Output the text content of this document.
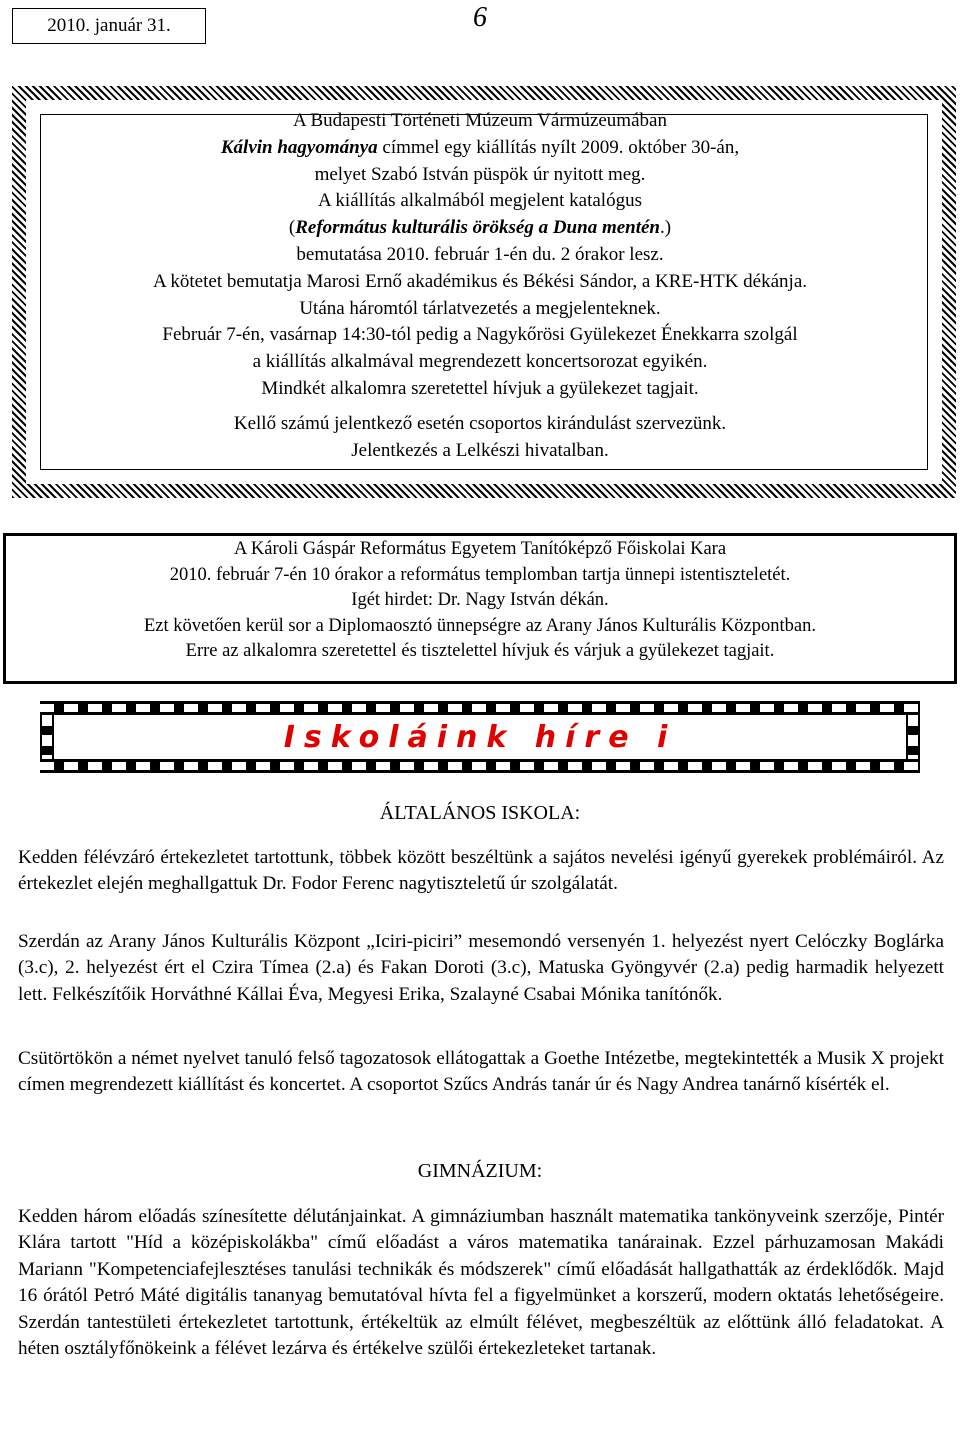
2010. január 31.	6
A Budapesti Történeti Múzeum Vármúzeumában
Kálvin hagyománya címmel egy kiállítás nyílt 2009. október 30-án,
melyet Szabó István püspök úr nyitott meg.
A kiállítás alkalmából megjelent katalógus
(Református kulturális örökség a Duna mentén.)
bemutatása 2010. február 1-én du. 2 órakor lesz.
A kötetet bemutatja Marosi Ernő akadémikus és Békési Sándor, a KRE-HTK dékánja.
Utána háromtól tárlatvezetés a megjelenteknek.
Február 7-én, vasárnap 14:30-tól pedig a Nagykőrösi Gyülekezet Énekkarra szolgál
a kiállítás alkalmával megrendezett koncertsorozat egyikén.
Mindkét alkalomra szeretettel hívjuk a gyülekezet tagjait.
Kellő számú jelentkező esetén csoportos kirándulást szervezünk.
Jelentkezés a Lelkészi hivatalban.
A Károli Gáspár Református Egyetem Tanítóképző Főiskolai Kara
2010. február 7-én 10 órakor a református templomban tartja ünnepi istentiszteletét.
Igét hirdet: Dr. Nagy István dékán.
Ezt követően kerül sor a Diplomaosztó ünnepségre az Arany János Kulturális Központban.
Erre az alkalomra szeretettel és tisztelettel hívjuk és várjuk a gyülekezet tagjait.
Iskoláink híre i
ÁLTALÁNOS ISKOLA:

Kedden félévzáró értekezletet tartottunk, többek között beszéltünk a sajátos nevelési igényű gyerekek problémáiról. Az értekezlet elején meghallgattuk Dr. Fodor Ferenc nagytiszteletű úr szolgálatát.

Szerdán az Arany János Kulturális Központ „Iciri-piciri” mesemondó versenyén 1. helyezést nyert Celóczky Boglárka (3.c), 2. helyezést ért el Czira Tímea (2.a) és Fakan Doroti (3.c), Matuska Gyöngyvér (2.a) pedig harmadik helyezett lett. Felkészítőik Horváthné Kállai Éva, Megyesi Erika, Szalayné Csabai Mónika tanítónők.

Csütörtökön a német nyelvet tanuló felső tagozatosok ellátogattak a Goethe Intézetbe, megtekintették a Musik X projekt címen megrendezett kiállítást és koncertet. A csoportot Szűcs András tanár úr és Nagy Andrea tanárnő kísérték el.

GIMNÁZIUM:

Kedden három előadás színesítette délutánjainkat. A gimnáziumban használt matematika tankönyveink szerzője, Pintér Klára tartott "Híd a középiskolákba" című előadást a város matematika tanárainak. Ezzel párhuzamosan Makádi Mariann "Kompetenciafejlesztéses tanulási technikák és módszerek" című előadását hallgathatták az érdeklődők. Majd 16 órától Petró Máté digitális tananyag bemutatóval hívta fel a figyelmünket a korszerű, modern oktatás lehetőségeire. Szerdán tantestületi értekezletet tartottunk, értékeltük az elmúlt félévet, megbeszéltük az előttünk álló feladatokat. A héten osztályfőnökeink a félévet lezárva és értékelve szülői értekezleteket tartanak.
